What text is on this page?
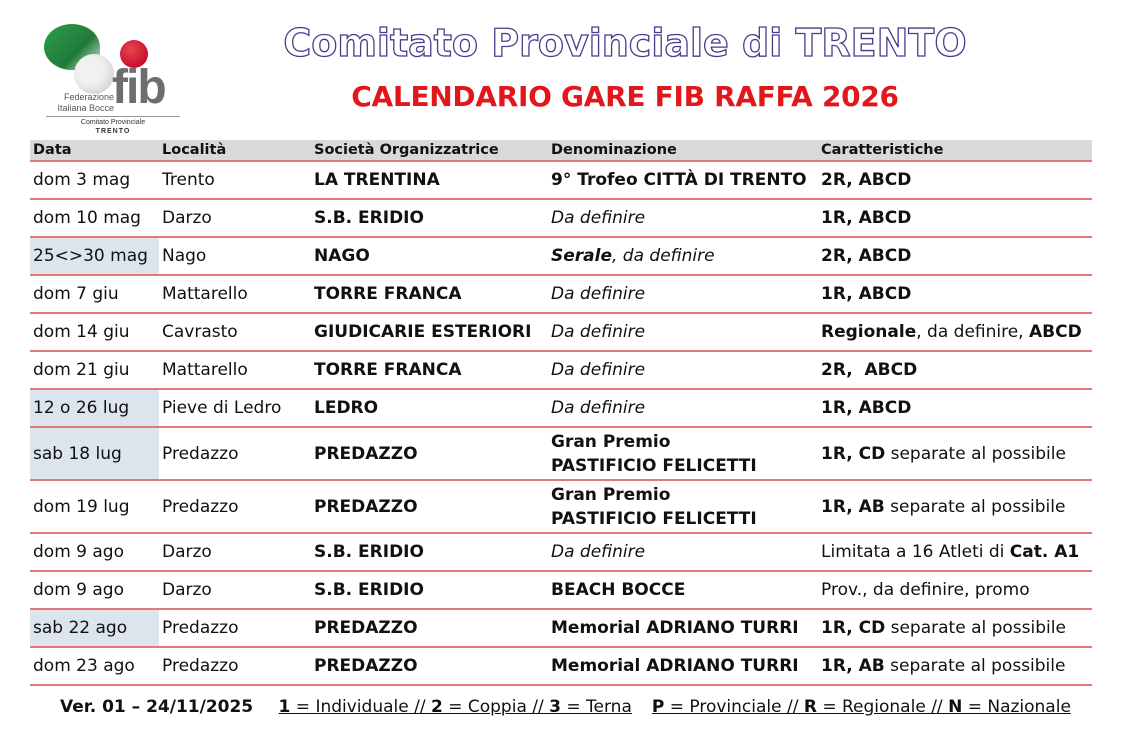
fib
Federazione
Italiana Bocce
Comitato Provinciale
TRENTO
Comitato Provinciale di TRENTO
CALENDARIO GARE FIB RAFFA 2026
Data	Località	Società Organizzatrice	Denominazione	Caratteristiche
dom 3 mag	Trento	LA TRENTINA	9° Trofeo CITTÀ DI TRENTO	2R, ABCD
dom 10 mag	Darzo	S.B. ERIDIO	Da definire	1R, ABCD
25<>30 mag	Nago	NAGO	Serale, da definire	2R, ABCD
dom 7 giu	Mattarello	TORRE FRANCA	Da definire	1R, ABCD
dom 14 giu	Cavrasto	GIUDICARIE ESTERIORI	Da definire	Regionale, da definire, ABCD
dom 21 giu	Mattarello	TORRE FRANCA	Da definire	2R,  ABCD
12 o 26 lug	Pieve di Ledro	LEDRO	Da definire	1R, ABCD
sab 18 lug	Predazzo	PREDAZZO	Gran Premio
PASTIFICIO FELICETTI	1R, CD separate al possibile
dom 19 lug	Predazzo	PREDAZZO	Gran Premio
PASTIFICIO FELICETTI	1R, AB separate al possibile
dom 9 ago	Darzo	S.B. ERIDIO	Da definire	Limitata a 16 Atleti di Cat. A1
dom 9 ago	Darzo	S.B. ERIDIO	BEACH BOCCE	Prov., da definire, promo
sab 22 ago	Predazzo	PREDAZZO	Memorial ADRIANO TURRI	1R, CD separate al possibile
dom 23 ago	Predazzo	PREDAZZO	Memorial ADRIANO TURRI	1R, AB separate al possibile
Ver. 01 – 24/11/2025 1 = Individuale // 2 = Coppia // 3 = Terna P = Provinciale // R = Regionale // N = Nazionale
